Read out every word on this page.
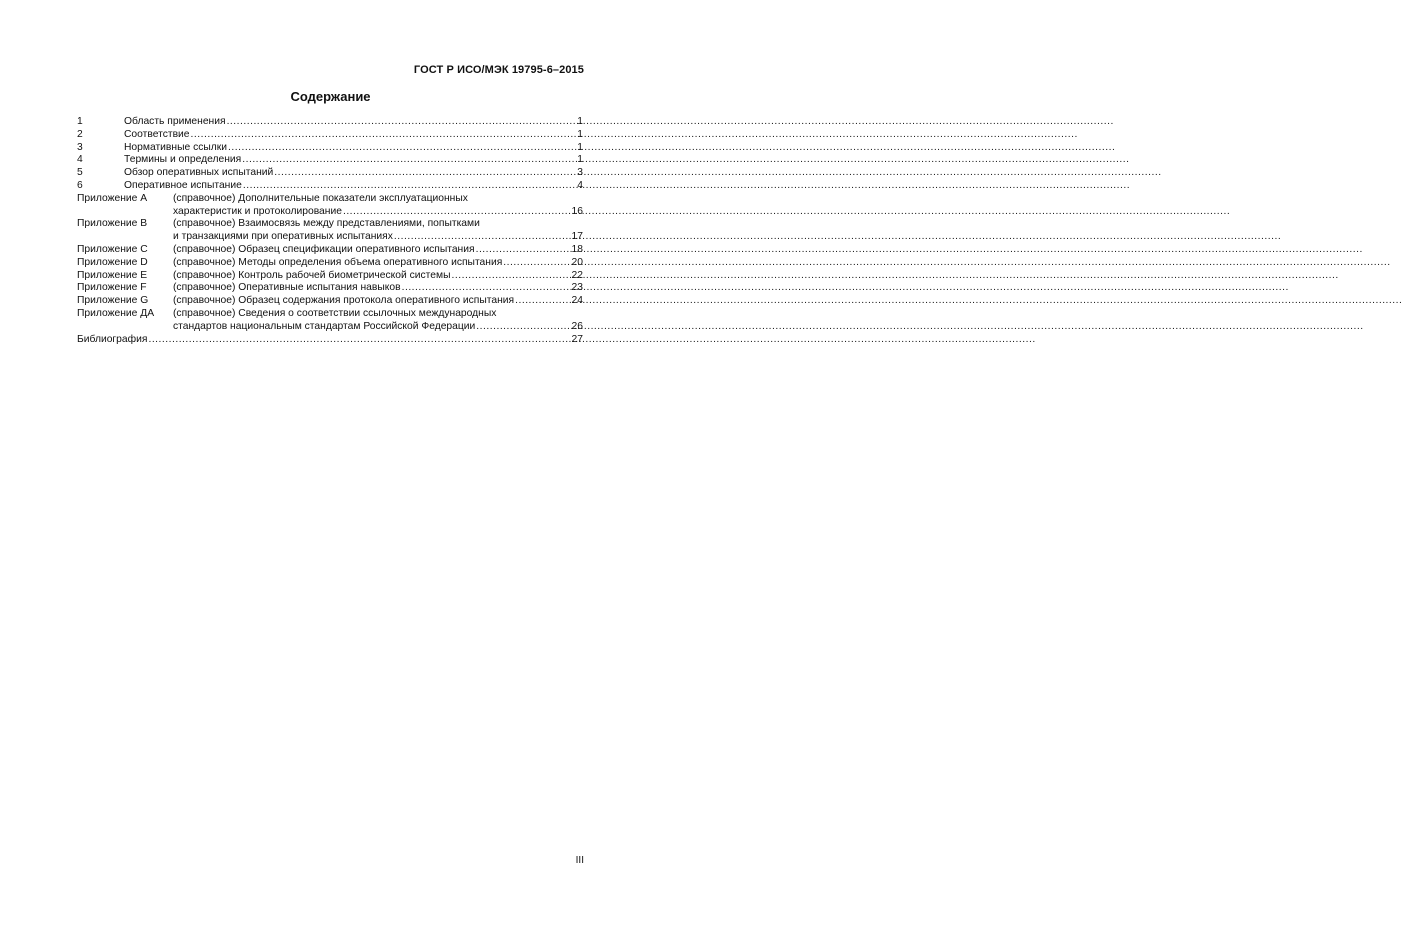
ГОСТ Р ИСО/МЭК 19795-6–2015
Содержание
1	Область применения .....	1
2	Соответствие .....	1
3	Нормативные ссылки .....	1
4	Термины и определения .....	1
5	Обзор оперативных испытаний .....	3
6	Оперативное испытание .....	4
Приложение А	(справочное) Дополнительные показатели эксплуатационных
характеристик и протоколирование .....	16
Приложение В	(справочное) Взаимосвязь между представлениями, попытками
и транзакциями при оперативных испытаниях .....	17
Приложение С	(справочное) Образец спецификации оперативного испытания .....	18
Приложение D	(справочное) Методы определения объема оперативного испытания .....	20
Приложение Е	(справочное) Контроль рабочей биометрической системы .....	22
Приложение F	(справочное) Оперативные испытания навыков .....	23
Приложение G	(справочное) Образец содержания протокола оперативного испытания .....	24
Приложение ДА	(справочное) Сведения о соответствии ссылочных международных
стандартов национальным стандартам Российской Федерации .....	26
Библиография .....	27
III
